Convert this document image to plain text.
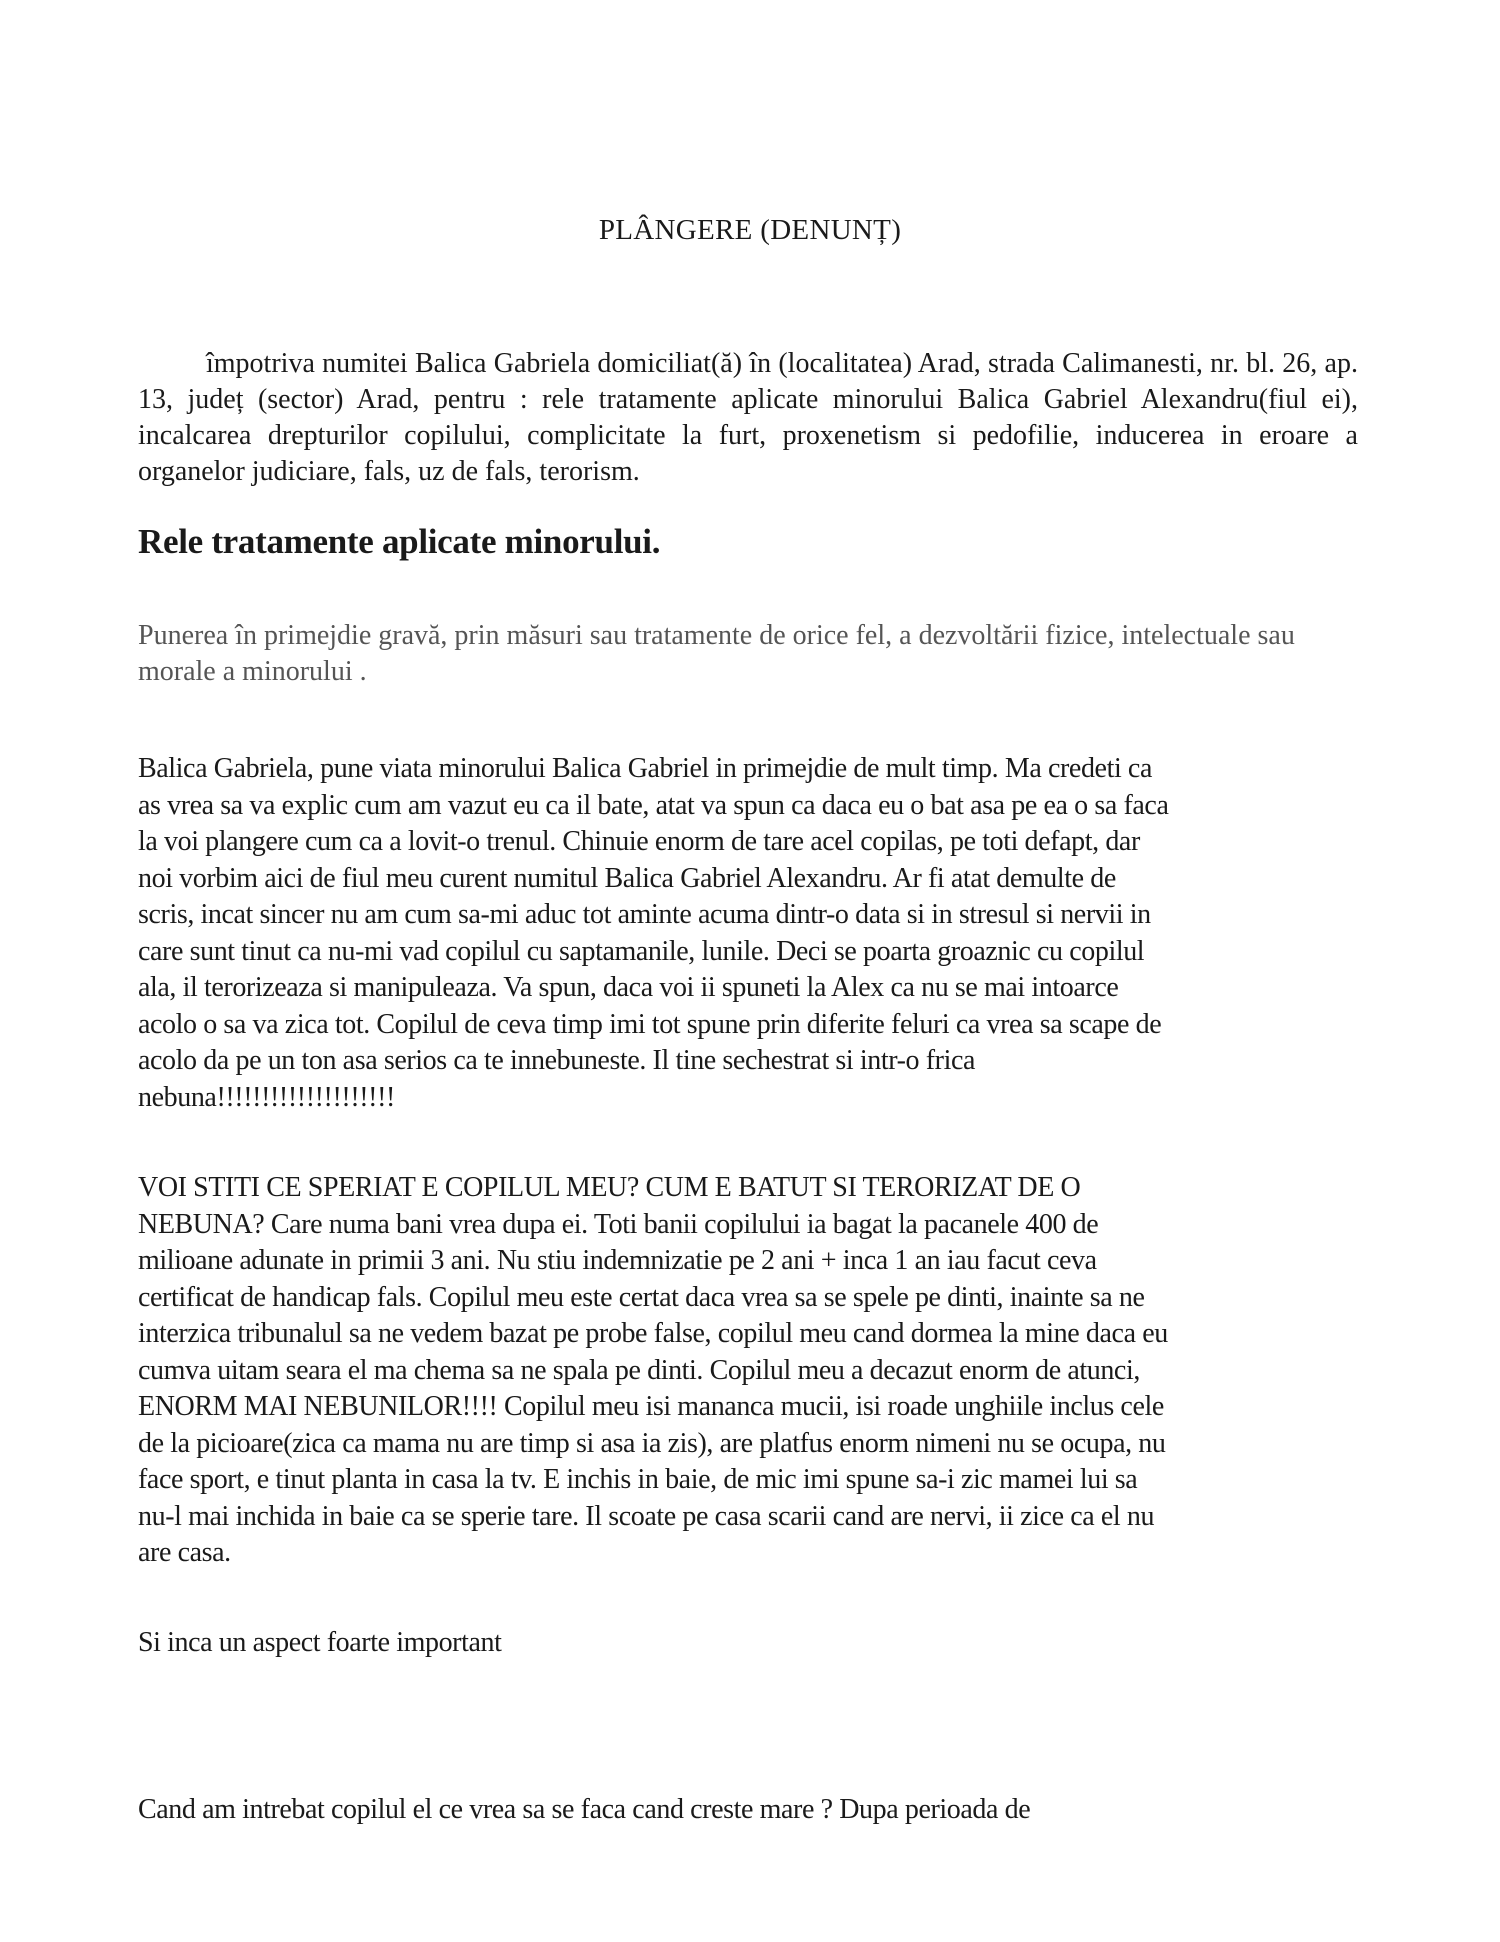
PLÂNGERE (DENUNȚ)
împotriva numitei Balica Gabriela domiciliat(ă) în (localitatea) Arad, strada Calimanesti, nr. bl. 26, ap. 13, județ (sector) Arad, pentru : rele tratamente aplicate minorului Balica Gabriel Alexandru(fiul ei), incalcarea drepturilor copilului, complicitate la furt, proxenetism si pedofilie, inducerea in eroare a organelor judiciare, fals, uz de fals, terorism.
Rele tratamente aplicate minorului.
Punerea în primejdie gravă, prin măsuri sau tratamente de orice fel, a dezvoltării fizice, intelectuale sau morale a minorului .
Balica Gabriela, pune viata minorului Balica Gabriel in primejdie de mult timp. Ma credeti ca
as vrea sa va explic cum am vazut eu ca il bate, atat va spun ca daca eu o bat asa pe ea o sa faca
la voi plangere cum ca a lovit-o trenul. Chinuie enorm de tare acel copilas, pe toti defapt, dar
noi vorbim aici de fiul meu curent numitul Balica Gabriel Alexandru. Ar fi atat demulte de
scris, incat sincer nu am cum sa-mi aduc tot aminte acuma dintr-o data si in stresul si nervii in
care sunt tinut ca nu-mi vad copilul cu saptamanile, lunile. Deci se poarta groaznic cu copilul
ala, il terorizeaza si manipuleaza. Va spun, daca voi ii spuneti la Alex ca nu se mai intoarce
acolo o sa va zica tot. Copilul de ceva timp imi tot spune prin diferite feluri ca vrea sa scape de
acolo da pe un ton asa serios ca te innebuneste. Il tine sechestrat si intr-o frica
nebuna!!!!!!!!!!!!!!!!!!!!
VOI STITI CE SPERIAT E COPILUL MEU? CUM E BATUT SI TERORIZAT DE O
NEBUNA? Care numa bani vrea dupa ei. Toti banii copilului ia bagat la pacanele 400 de
milioane adunate in primii 3 ani. Nu stiu indemnizatie pe 2 ani + inca 1 an iau facut ceva
certificat de handicap fals. Copilul meu este certat daca vrea sa se spele pe dinti, inainte sa ne
interzica tribunalul sa ne vedem bazat pe probe false, copilul meu cand dormea la mine daca eu
cumva uitam seara el ma chema sa ne spala pe dinti. Copilul meu a decazut enorm de atunci,
ENORM MAI NEBUNILOR!!!! Copilul meu isi mananca mucii, isi roade unghiile inclus cele
de la picioare(zica ca mama nu are timp si asa ia zis), are platfus enorm nimeni nu se ocupa, nu
face sport, e tinut planta in casa la tv. E inchis in baie, de mic imi spune sa-i zic mamei lui sa
nu-l mai inchida in baie ca se sperie tare. Il scoate pe casa scarii cand are nervi, ii zice ca el nu
are casa.
Si inca un aspect foarte important
Cand am intrebat copilul el ce vrea sa se faca cand creste mare ? Dupa perioada de
